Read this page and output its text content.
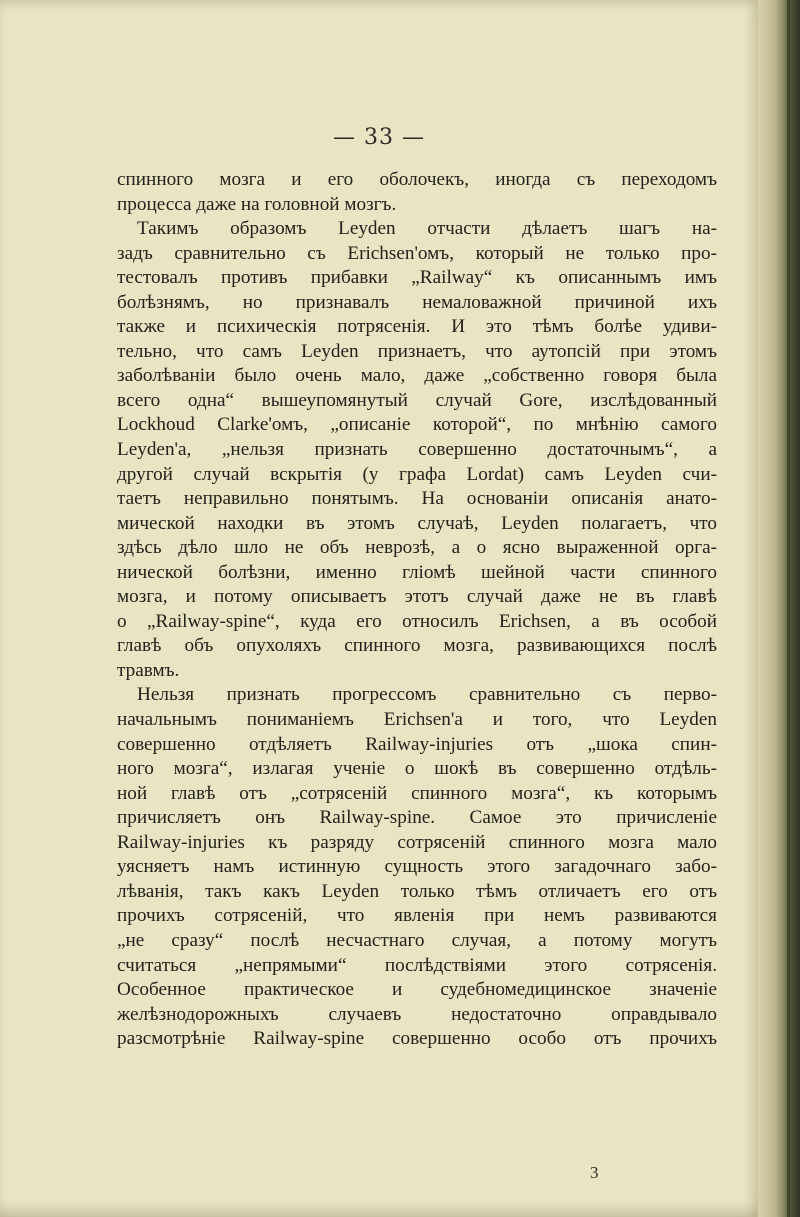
— 33 —
спинного мозга и его оболочекъ, иногда съ переходомъ
процесса даже на головной мозгъ.
Такимъ образомъ Leyden отчасти дѣлаетъ шагъ на-
задъ сравнительно съ Erichsen'омъ, который не только про-
тестовалъ противъ прибавки „Railway“ къ описаннымъ имъ
болѣзнямъ, но признавалъ немаловажной причиной ихъ
также и психическія потрясенія. И это тѣмъ болѣе удиви-
тельно, что самъ Leyden признаетъ, что аутопсій при этомъ
заболѣваніи было очень мало, даже „собственно говоря была
всего одна“ вышеупомянутый случай Gore, изслѣдованный
Lockhoud Clarke'омъ, „описаніе которой“, по мнѣнію самого
Leyden'а, „нельзя признать совершенно достаточнымъ“, а
другой случай вскрытія (у графа Lordat) самъ Leyden счи-
таетъ неправильно понятымъ. На основаніи описанія анато-
мической находки въ этомъ случаѣ, Leyden полагаетъ, что
здѣсь дѣло шло не объ неврозѣ, а о ясно выраженной орга-
нической болѣзни, именно гліомѣ шейной части спинного
мозга, и потому описываетъ этотъ случай даже не въ главѣ
о „Railway-spine“, куда его относилъ Erichsen, а въ особой
главѣ объ опухоляхъ спинного мозга, развивающихся послѣ
травмъ.
Нельзя признать прогрессомъ сравнительно съ перво-
начальнымъ пониманіемъ Erichsen'а и того, что Leyden
совершенно отдѣляетъ Railway-injuries отъ „шока спин-
ного мозга“, излагая ученіе о шокѣ въ совершенно отдѣль-
ной главѣ отъ „сотрясеній спинного мозга“, къ которымъ
причисляетъ онъ Railway-spine. Самое это причисленіе
Railway-injuries къ разряду сотрясеній спинного мозга мало
уясняетъ намъ истинную сущность этого загадочнаго забо-
лѣванія, такъ какъ Leyden только тѣмъ отличаетъ его отъ
прочихъ сотрясеній, что явленія при немъ развиваются
„не сразу“ послѣ несчастнаго случая, а потому могутъ
считаться „непрямыми“ послѣдствіями этого сотрясенія.
Особенное практическое и судебномедицинское значеніе
желѣзнодорожныхъ случаевъ недостаточно оправдывало
разсмотрѣніе Railway-spine совершенно особо отъ прочихъ
3
